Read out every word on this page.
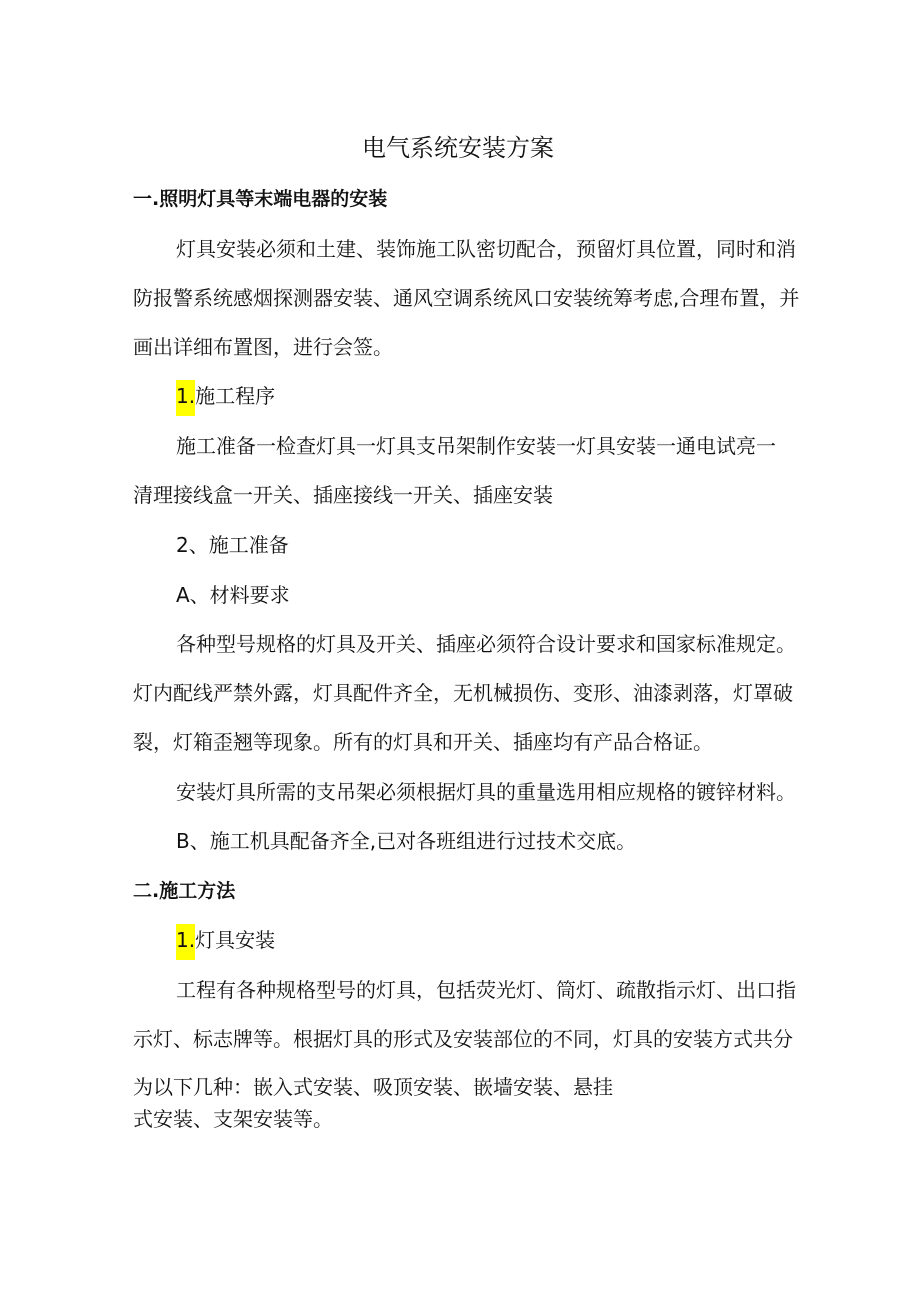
电气系统安装方案
一.照明灯具等末端电器的安装
灯具安装必须和土建、装饰施工队密切配合，预留灯具位置，同时和消
防报警系统感烟探测器安装、通风空调系统风口安装统筹考虑,合理布置，并
画出详细布置图，进行会签。
1.施工程序
施工准备一检查灯具一灯具支吊架制作安装一灯具安装一通电试亮一
清理接线盒一开关、插座接线一开关、插座安装
2、施工准备
A、材料要求
各种型号规格的灯具及开关、插座必须符合设计要求和国家标准规定。
灯内配线严禁外露，灯具配件齐全，无机械损伤、变形、油漆剥落，灯罩破
裂，灯箱歪翘等现象。所有的灯具和开关、插座均有产品合格证。
安装灯具所需的支吊架必须根据灯具的重量选用相应规格的镀锌材料。
B、施工机具配备齐全,已对各班组进行过技术交底。
二.施工方法
1.灯具安装
工程有各种规格型号的灯具，包括荧光灯、筒灯、疏散指示灯、出口指
示灯、标志牌等。根据灯具的形式及安装部位的不同，灯具的安装方式共分
为以下几种：嵌入式安装、吸顶安装、嵌墙安装、悬挂
式安装、支架安装等。
